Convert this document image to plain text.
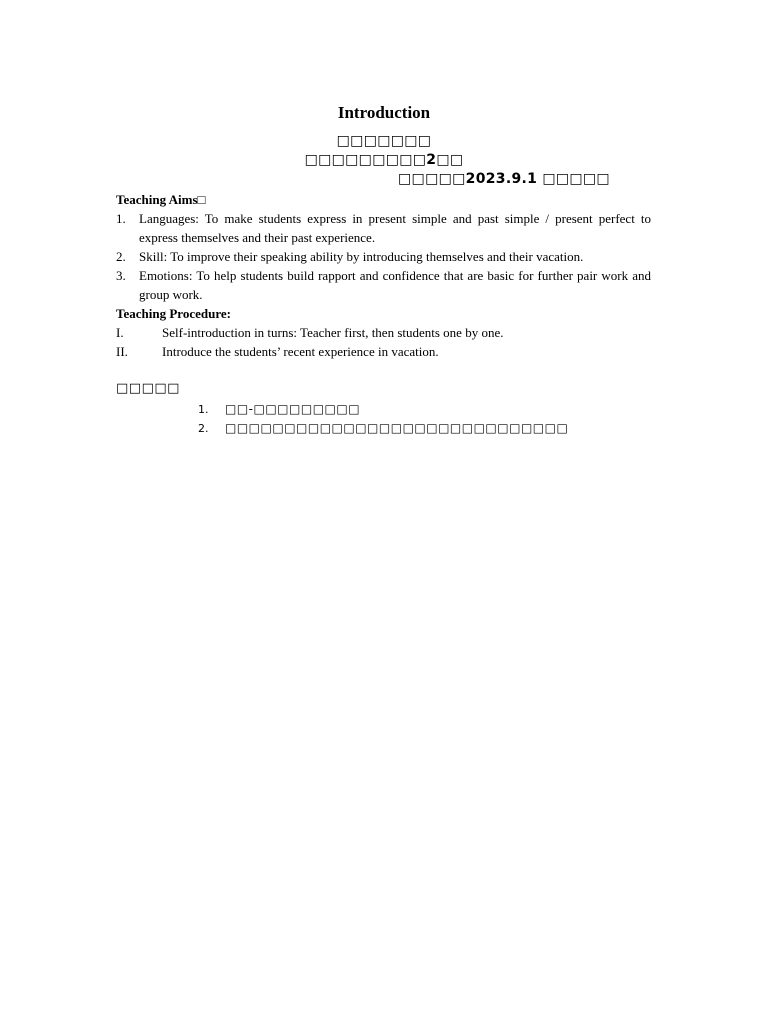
Introduction
□□□□□□□
□□□□□□□□□2□□
□□□□□2023.9.1 □□□□□
Teaching Aims□
1.	Languages: To make students express in present simple and past simple / present perfect to express themselves and their past experience.
2.	Skill: To improve their speaking ability by introducing themselves and their vacation.
3.	Emotions: To help students build rapport and confidence that are basic for further pair work and group work.
Teaching Procedure:
I.	Self-introduction in turns: Teacher first, then students one by one.
II.	Introduce the students’ recent experience in vacation.
□□□□□
1.	□□-□□□□□□□□□
2.	□□□□□□□□□□□□□□□□□□□□□□□□□□□□□
